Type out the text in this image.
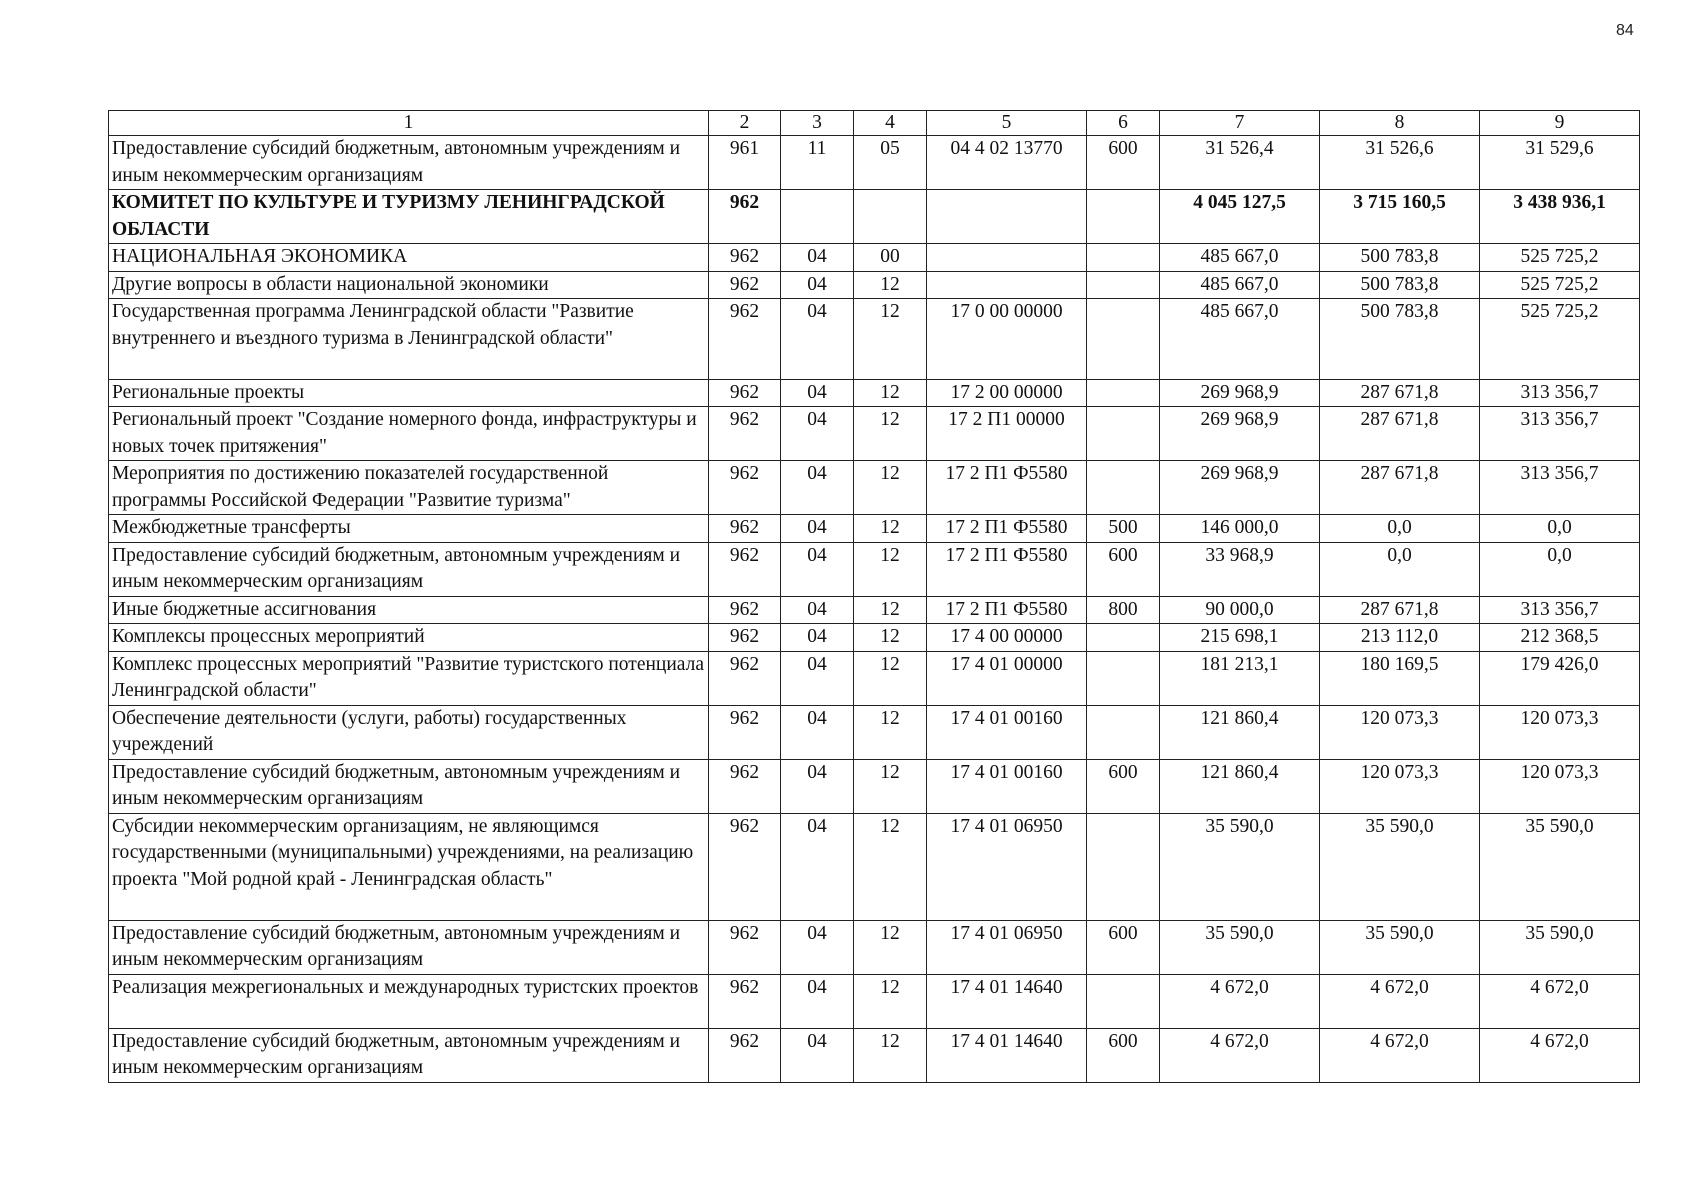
84
1	2	3	4	5	6	7	8	9
Предоставление субсидий бюджетным, автономным учреждениям и иным некоммерческим организациям	961	11	05	04 4 02 13770	600	31 526,4	31 526,6	31 529,6
КОМИТЕТ ПО КУЛЬТУРЕ И ТУРИЗМУ ЛЕНИНГРАДСКОЙ ОБЛАСТИ	962					4 045 127,5	3 715 160,5	3 438 936,1
НАЦИОНАЛЬНАЯ ЭКОНОМИКА	962	04	00			485 667,0	500 783,8	525 725,2
Другие вопросы в области национальной экономики	962	04	12			485 667,0	500 783,8	525 725,2
Государственная программа Ленинградской области "Развитие внутреннего и въездного туризма в Ленинградской области"	962	04	12	17 0 00 00000		485 667,0	500 783,8	525 725,2
Региональные проекты	962	04	12	17 2 00 00000		269 968,9	287 671,8	313 356,7
Региональный проект "Создание номерного фонда, инфраструктуры и новых точек притяжения"	962	04	12	17 2 П1 00000		269 968,9	287 671,8	313 356,7
Мероприятия по достижению показателей государственной программы Российской Федерации "Развитие туризма"	962	04	12	17 2 П1 Ф5580		269 968,9	287 671,8	313 356,7
Межбюджетные трансферты	962	04	12	17 2 П1 Ф5580	500	146 000,0	0,0	0,0
Предоставление субсидий бюджетным, автономным учреждениям и иным некоммерческим организациям	962	04	12	17 2 П1 Ф5580	600	33 968,9	0,0	0,0
Иные бюджетные ассигнования	962	04	12	17 2 П1 Ф5580	800	90 000,0	287 671,8	313 356,7
Комплексы процессных мероприятий	962	04	12	17 4 00 00000		215 698,1	213 112,0	212 368,5
Комплекс процессных мероприятий "Развитие туристского потенциала Ленинградской области"	962	04	12	17 4 01 00000		181 213,1	180 169,5	179 426,0
Обеспечение деятельности (услуги, работы) государственных учреждений	962	04	12	17 4 01 00160		121 860,4	120 073,3	120 073,3
Предоставление субсидий бюджетным, автономным учреждениям и иным некоммерческим организациям	962	04	12	17 4 01 00160	600	121 860,4	120 073,3	120 073,3
Субсидии некоммерческим организациям, не являющимся государственными (муниципальными) учреждениями, на реализацию проекта "Мой родной край - Ленинградская область"	962	04	12	17 4 01 06950		35 590,0	35 590,0	35 590,0
Предоставление субсидий бюджетным, автономным учреждениям и иным некоммерческим организациям	962	04	12	17 4 01 06950	600	35 590,0	35 590,0	35 590,0
Реализация межрегиональных и международных туристских проектов	962	04	12	17 4 01 14640		4 672,0	4 672,0	4 672,0
Предоставление субсидий бюджетным, автономным учреждениям и иным некоммерческим организациям	962	04	12	17 4 01 14640	600	4 672,0	4 672,0	4 672,0
